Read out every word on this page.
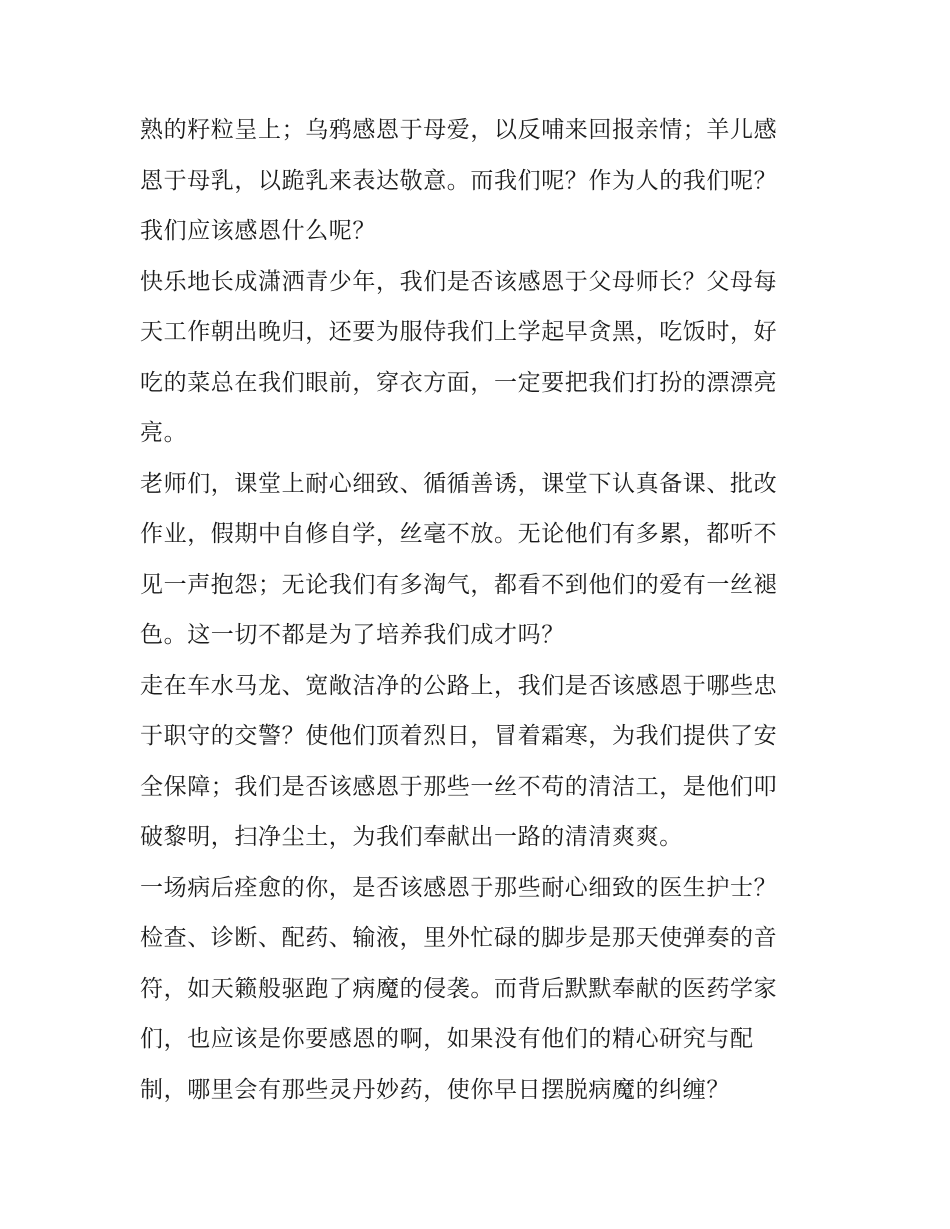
熟的籽粒呈上；乌鸦感恩于母爱，以反哺来回报亲情；羊儿感
恩于母乳，以跪乳来表达敬意。而我们呢？作为人的我们呢？
我们应该感恩什么呢？
快乐地长成潇洒青少年，我们是否该感恩于父母师长？父母每
天工作朝出晚归，还要为服侍我们上学起早贪黑，吃饭时，好
吃的菜总在我们眼前，穿衣方面，一定要把我们打扮的漂漂亮
亮。
老师们，课堂上耐心细致、循循善诱，课堂下认真备课、批改
作业，假期中自修自学，丝毫不放。无论他们有多累，都听不
见一声抱怨；无论我们有多淘气，都看不到他们的爱有一丝褪
色。这一切不都是为了培养我们成才吗？
走在车水马龙、宽敞洁净的公路上，我们是否该感恩于哪些忠
于职守的交警？使他们顶着烈日，冒着霜寒，为我们提供了安
全保障；我们是否该感恩于那些一丝不苟的清洁工，是他们叩
破黎明，扫净尘土，为我们奉献出一路的清清爽爽。
一场病后痊愈的你，是否该感恩于那些耐心细致的医生护士？
检查、诊断、配药、输液，里外忙碌的脚步是那天使弹奏的音
符，如天籁般驱跑了病魔的侵袭。而背后默默奉献的医药学家
们，也应该是你要感恩的啊，如果没有他们的精心研究与配
制，哪里会有那些灵丹妙药，使你早日摆脱病魔的纠缠？
